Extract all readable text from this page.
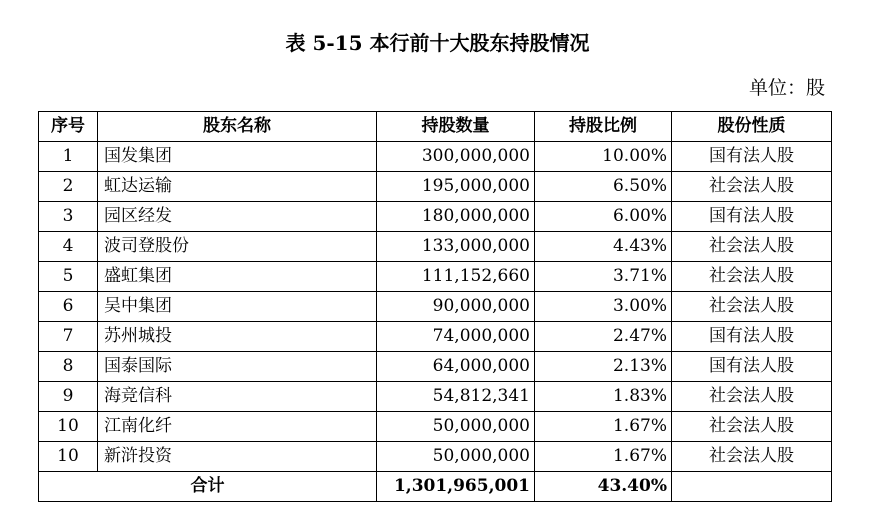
表 5-15 本行前十大股东持股情况
单位：股
序号	股东名称	持股数量	持股比例	股份性质
1	国发集团	300,000,000	10.00%	国有法人股
2	虹达运输	195,000,000	6.50%	社会法人股
3	园区经发	180,000,000	6.00%	国有法人股
4	波司登股份	133,000,000	4.43%	社会法人股
5	盛虹集团	111,152,660	3.71%	社会法人股
6	吴中集团	90,000,000	3.00%	社会法人股
7	苏州城投	74,000,000	2.47%	国有法人股
8	国泰国际	64,000,000	2.13%	国有法人股
9	海竞信科	54,812,341	1.83%	社会法人股
10	江南化纤	50,000,000	1.67%	社会法人股
10	新浒投资	50,000,000	1.67%	社会法人股
合计		1,301,965,001	43.40%	
